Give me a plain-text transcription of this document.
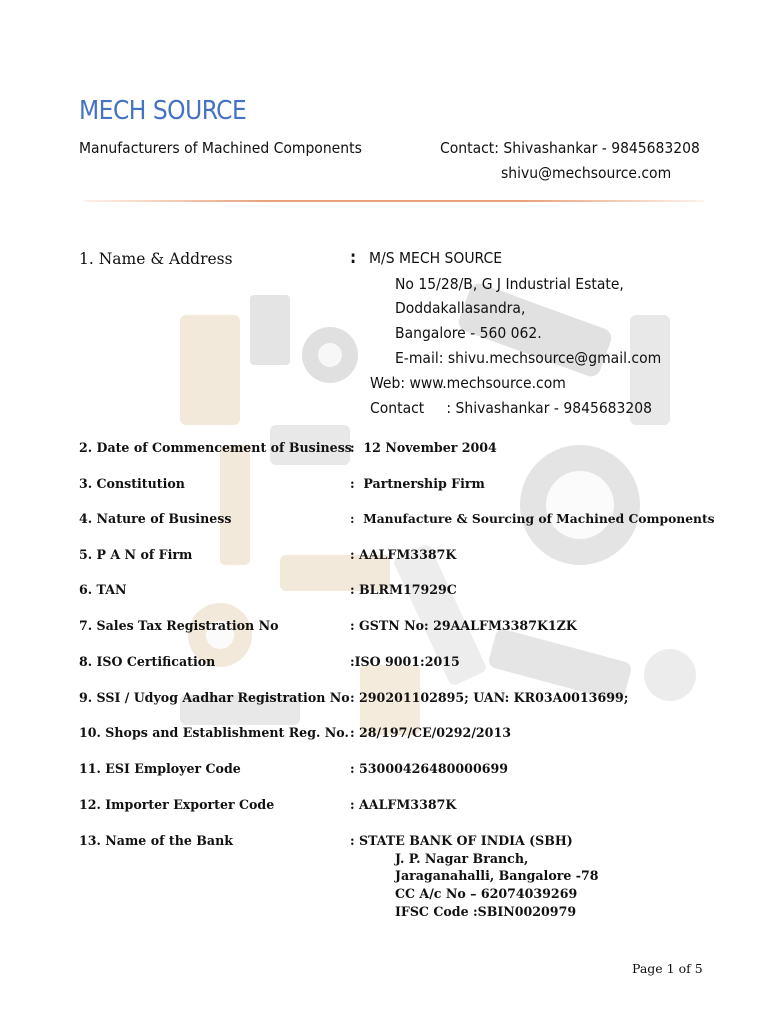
MECH SOURCE
Manufacturers of Machined Components	Contact: Shivashankar - 9845683208
shivu@mechsource.com
1. Name & Address	: M/S MECH SOURCE
No 15/28/B, G J Industrial Estate,
Doddakallasandra,
Bangalore - 560 062.
E-mail: shivu.mechsource@gmail.com
Web: www.mechsource.com
Contact     : Shivashankar - 9845683208
2. Date of Commencement of Business
:  12 November 2004
3. Constitution	:  Partnership Firm
4. Nature of Business	:  Manufacture & Sourcing of Machined Components
5. P A N of Firm	: AALFM3387K
6. TAN	: BLRM17929C
7. Sales Tax Registration No	: GSTN No: 29AALFM3387K1ZK
8. ISO Certification	:ISO 9001:2015
9. SSI / Udyog Aadhar Registration No : 290201102895; UAN: KR03A0013699;
10. Shops and Establishment Reg. No. : 28/197/CE/0292/2013
11. ESI Employer Code	: 53000426480000699
12. Importer Exporter Code	: AALFM3387K
13. Name of the Bank	: STATE BANK OF INDIA (SBH)
J. P. Nagar Branch,
Jaraganahalli, Bangalore -78
CC A/c No – 62074039269
IFSC Code :SBIN0020979
Page 1 of 5
